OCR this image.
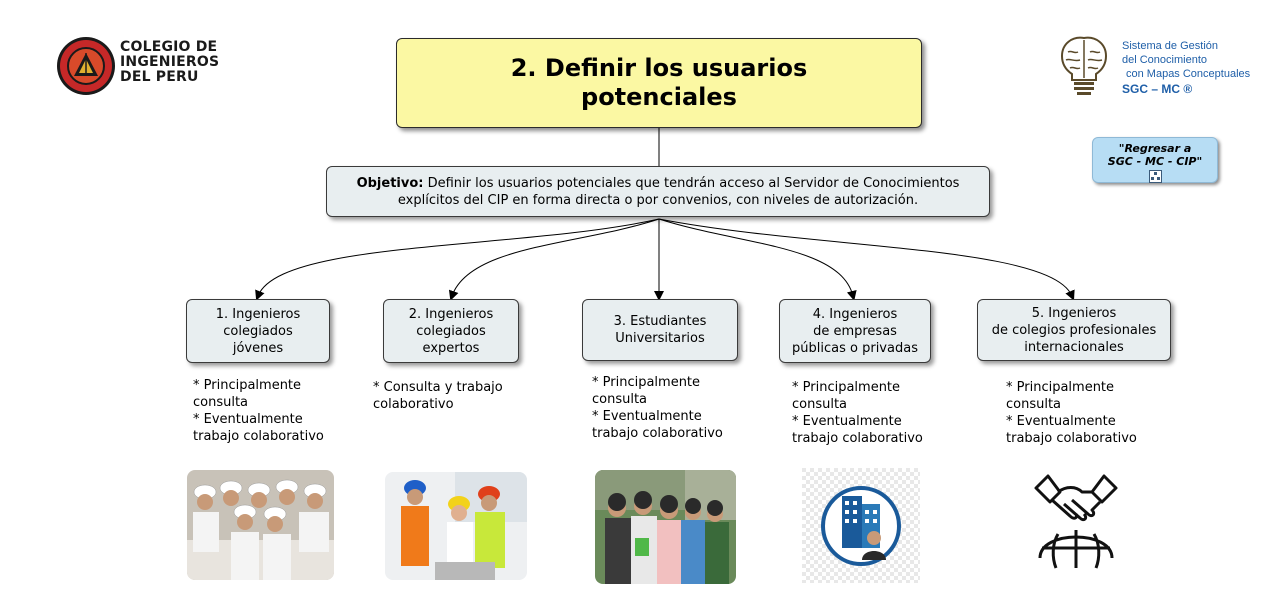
COLEGIO DE
INGENIEROS
DEL PERU
Sistema de Gestión
del Conocimiento
con Mapas Conceptuales
SGC – MC ®
2. Definir los usuarios
potenciales
"Regresar a
SGC - MC - CIP"
Objetivo: Definir los usuarios potenciales que tendrán acceso al Servidor de Conocimientos explícitos del CIP en forma directa o por convenios, con niveles de autorización.
1. Ingenieros
colegiados
jóvenes
2. Ingenieros
colegiados
expertos
3. Estudiantes
Universitarios
4. Ingenieros
de empresas
públicas o privadas
5. Ingenieros
de colegios profesionales
internacionales
* Principalmente
consulta
* Eventualmente
trabajo colaborativo
* Consulta y trabajo
colaborativo
* Principalmente
consulta
* Eventualmente
trabajo colaborativo
* Principalmente
consulta
* Eventualmente
trabajo colaborativo
* Principalmente
consulta
* Eventualmente
trabajo colaborativo
